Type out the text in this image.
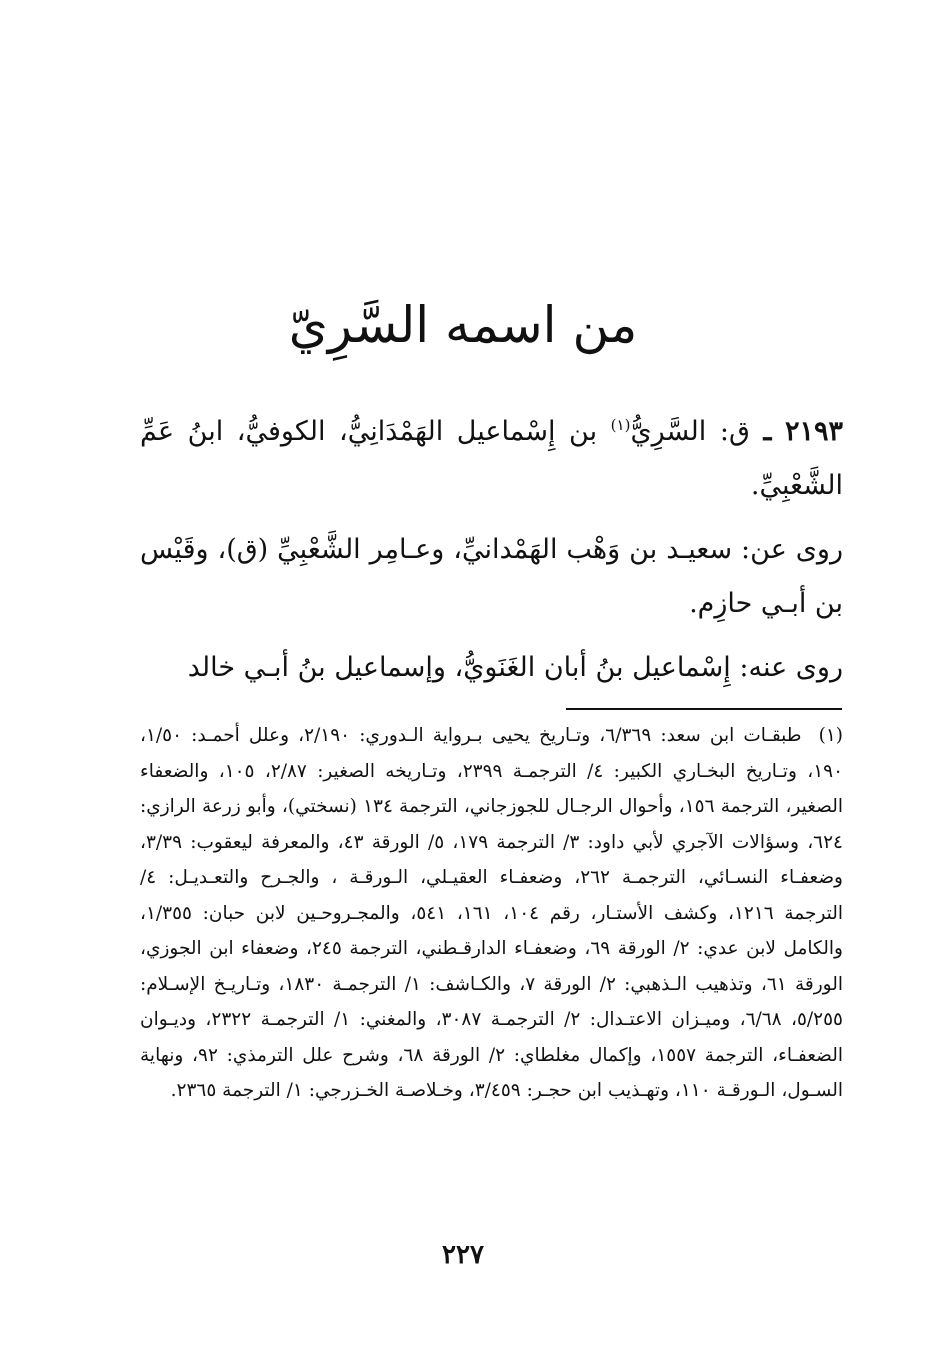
من اسمه السَّرِيّ

٢١٩٣ ـ ق: السَّرِيُّ$^{(١)}$ بن إِسْماعيل الهَمْدَانِيُّ، الكوفيُّ، ابنُ عَمِّ الشَّعْبِيِّ.

روى عن: سعيـد بن وَهْب الهَمْدانيِّ، وعـامِر الشَّعْبِيِّ (ق)، وقَيْس بن أبـي حازِم.

روى عنه: إِسْماعيل بنُ أبان الغَنَويُّ، وإسماعيل بنُ أبـي خالد

(١) طبقـات ابن سعد: ٦/٣٦٩، وتـاريخ يحيى بـرواية الـدوري: ٢/١٩٠، وعلل أحمـد: ١/٥٠، ١٩٠، وتـاريخ البخـاري الكبير: ٤/ الترجمـة ٢٣٩٩، وتـاريخه الصغير: ٢/٨٧، ١٠٥، والضعفاء الصغير، الترجمة ١٥٦، وأحوال الرجـال للجوزجاني، الترجمة ١٣٤ (نسختي)، وأبو زرعة الرازي: ٦٢٤، وسؤالات الآجري لأبي داود: ٣/ الترجمة ١٧٩، ٥/ الورقة ٤٣، والمعرفة ليعقوب: ٣/٣٩، وضعفـاء النسـائي، الترجمـة ٢٦٢، وضعفـاء العقيـلي، الـورقـة ، والجـرح والتعـديـل: ٤/ الترجمة ١٢١٦، وكشف الأستـار، رقم ١٠٤، ١٦١، ٥٤١، والمجـروحـين لابن حبان: ١/٣٥٥، والكامل لابن عدي: ٢/ الورقة ٦٩، وضعفـاء الدارقـطني، الترجمة ٢٤٥، وضعفاء ابن الجوزي، الورقة ٦١، وتذهيب الـذهبي: ٢/ الورقة ٧، والكـاشف: ١/ الترجمـة ١٨٣٠، وتـاريـخ الإسـلام: ٥/٢٥٥، ٦/٦٨، وميـزان الاعتـدال: ٢/ الترجمـة ٣٠٨٧، والمغني: ١/ الترجمـة ٢٣٢٢، وديـوان الضعفـاء، الترجمة ١٥٥٧، وإكمال مغلطاي: ٢/ الورقة ٦٨، وشرح علل الترمذي: ٩٢، ونهاية السـول، الـورقـة ١١٠، وتهـذيب ابن حجـر: ٣/٤٥٩، وخـلاصـة الخـزرجي: ١/ الترجمة ٢٣٦٥.

٢٢٧
